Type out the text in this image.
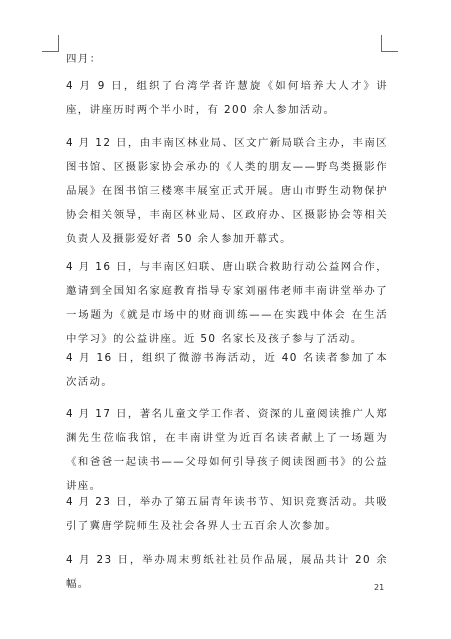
四月：

4 月 9 日，组织了台湾学者许慧旋《如何培养大人才》讲座，讲座历时两个半小时，有 200 余人参加活动。

4 月 12 日，由丰南区林业局、区文广新局联合主办，丰南区图书馆、区摄影家协会承办的《人类的朋友——野鸟类摄影作品展》在图书馆三楼寒丰展室正式开展。唐山市野生动物保护协会相关领导，丰南区林业局、区政府办、区摄影协会等相关负责人及摄影爱好者 50 余人参加开幕式。

4 月 16 日，与丰南区妇联、唐山联合救助行动公益网合作，邀请到全国知名家庭教育指导专家刘丽伟老师丰南讲堂举办了一场题为《就是市场中的财商训练——在实践中体会 在生活中学习》的公益讲座。近 50 名家长及孩子参与了活动。

4 月 16 日，组织了微游书海活动，近 40 名读者参加了本次活动。

4 月 17 日，著名儿童文学工作者、资深的儿童阅读推广人郑渊先生莅临我馆，在丰南讲堂为近百名读者献上了一场题为《和爸爸一起读书——父母如何引导孩子阅读图画书》的公益讲座。

4 月 23 日，举办了第五届青年读书节、知识竞赛活动。共吸引了冀唐学院师生及社会各界人士五百余人次参加。

4 月 23 日，举办周末剪纸社社员作品展，展品共计 20 余幅。	21
